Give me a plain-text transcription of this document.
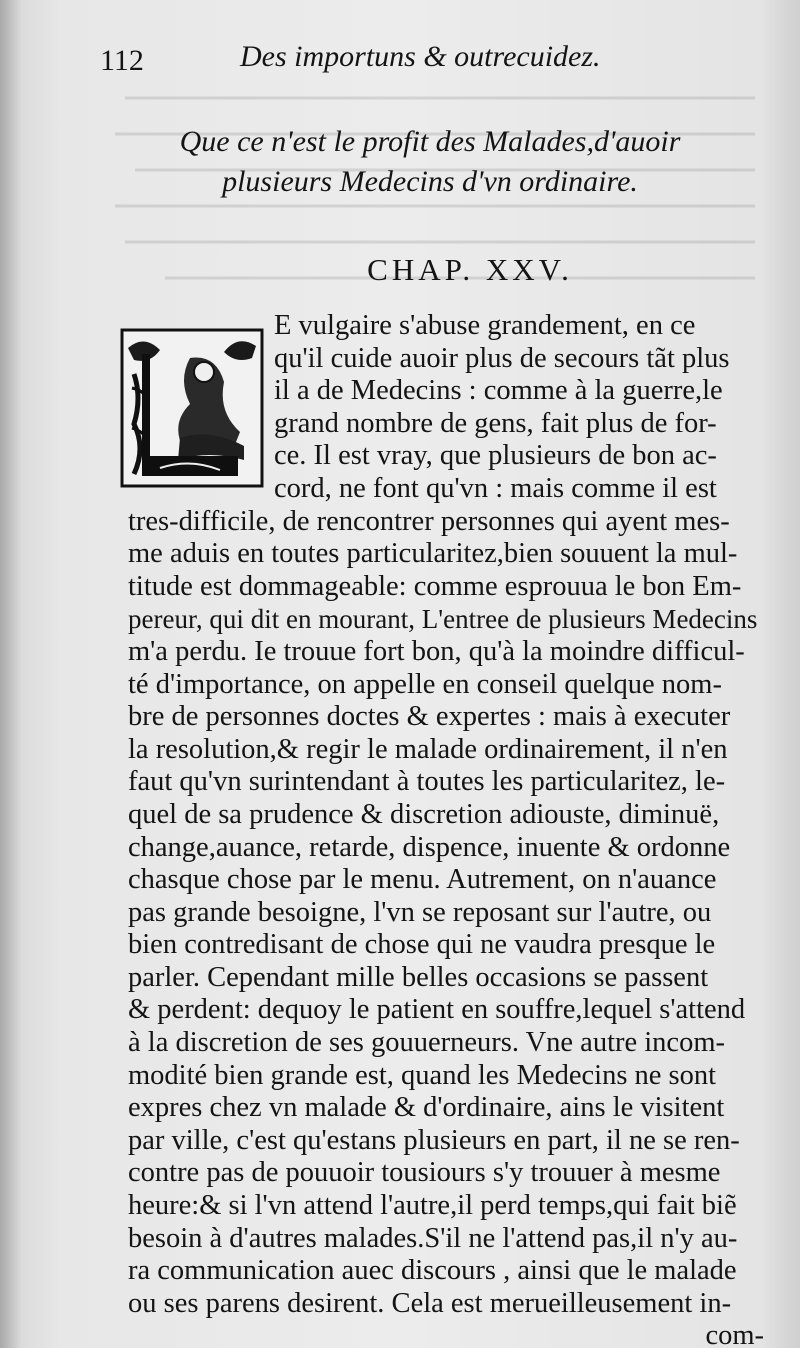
112	Des importuns & outrecuidez.
Que ce n'est le profit des Malades,d'auoir
plusieurs Medecins d'vn ordinaire.
CHAP. XXV.
E vulgaire s'abuse grandement, en ce
qu'il cuide auoir plus de secours tãt plus
il a de Medecins : comme à la guerre,le
grand nombre de gens, fait plus de for-
ce. Il est vray, que plusieurs de bon ac-
cord, ne font qu'vn : mais comme il est
tres-difficile, de rencontrer personnes qui ayent mes-
me aduis en toutes particularitez,bien souuent la mul-
titude est dommageable: comme esprouua le bon Em-
pereur, qui dit en mourant, L'entree de plusieurs Medecins
m'a perdu. Ie trouue fort bon, qu'à la moindre difficul-
té d'importance, on appelle en conseil quelque nom-
bre de personnes doctes & expertes : mais à executer
la resolution,& regir le malade ordinairement, il n'en
faut qu'vn surintendant à toutes les particularitez, le-
quel de sa prudence & discretion adiouste, diminuë,
change,auance, retarde, dispence, inuente & ordonne
chasque chose par le menu. Autrement, on n'auance
pas grande besoigne, l'vn se reposant sur l'autre, ou
bien contredisant de chose qui ne vaudra presque le
parler. Cependant mille belles occasions se passent
& perdent: dequoy le patient en souffre,lequel s'attend
à la discretion de ses gouuerneurs. Vne autre incom-
modité bien grande est, quand les Medecins ne sont
expres chez vn malade & d'ordinaire, ains le visitent
par ville, c'est qu'estans plusieurs en part, il ne se ren-
contre pas de pouuoir tousiours s'y trouuer à mesme
heure:& si l'vn attend l'autre,il perd temps,qui fait biẽ
besoin à d'autres malades.S'il ne l'attend pas,il n'y au-
ra communication auec discours , ainsi que le malade
ou ses parens desirent. Cela est merueilleusement in-
com-
